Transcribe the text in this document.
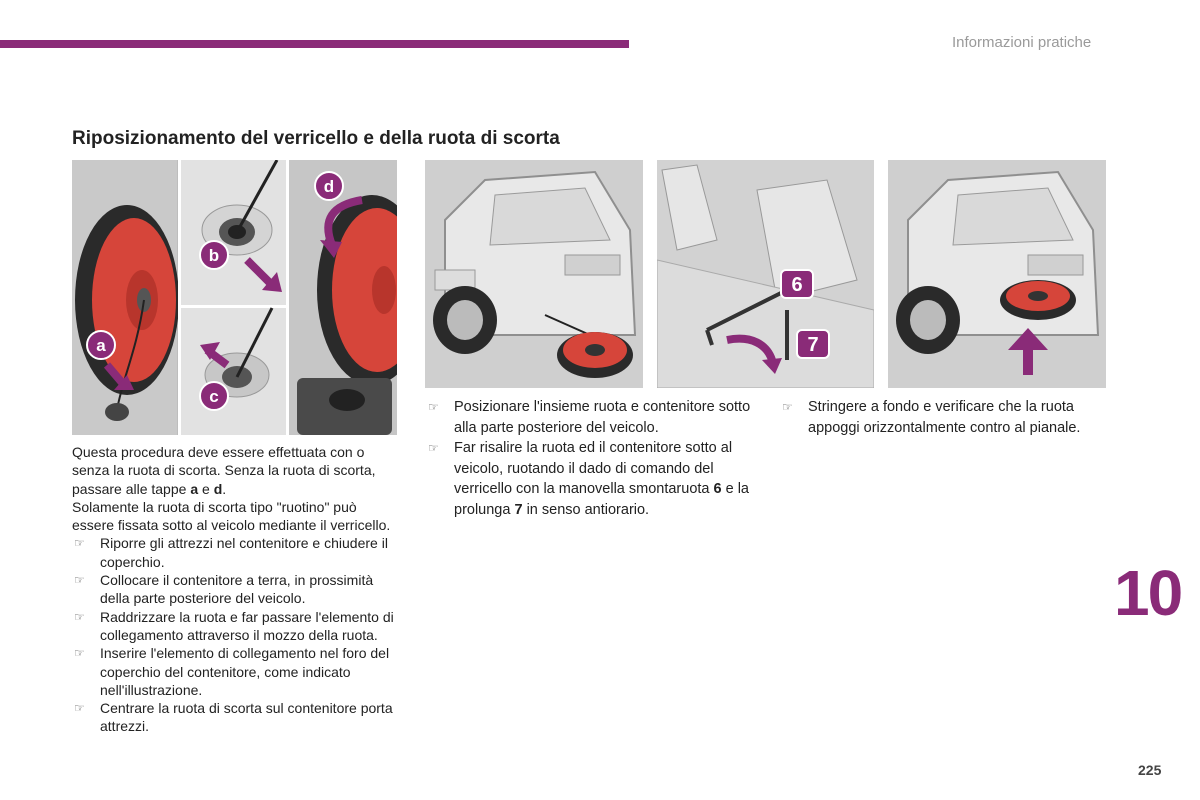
Informazioni pratiche
Riposizionamento del verricello e della ruota di scorta
a
b
c
d
6
7

Questa procedura deve essere effettuata con o senza la ruota di scorta. Senza la ruota di scorta, passare alle tappe a e d.

Solamente la ruota di scorta tipo "ruotino" può essere fissata sotto al veicolo mediante il verricello.

☞ Riporre gli attrezzi nel contenitore e chiudere il coperchio.
☞ Collocare il contenitore a terra, in prossimità della parte posteriore del veicolo.
☞ Raddrizzare la ruota e far passare l'elemento di collegamento attraverso il mozzo della ruota.
☞ Inserire l'elemento di collegamento nel foro del coperchio del contenitore, come indicato nell'illustrazione.
☞ Centrare la ruota di scorta sul contenitore porta attrezzi.
☞ Posizionare l'insieme ruota e contenitore sotto alla parte posteriore del veicolo.
☞ Far risalire la ruota ed il contenitore sotto al veicolo, ruotando il dado di comando del verricello con la manovella smontaruota 6 e la prolunga 7 in senso antiorario.
☞ Stringere a fondo e verificare che la ruota appoggi orizzontalmente contro al pianale.
10
225
